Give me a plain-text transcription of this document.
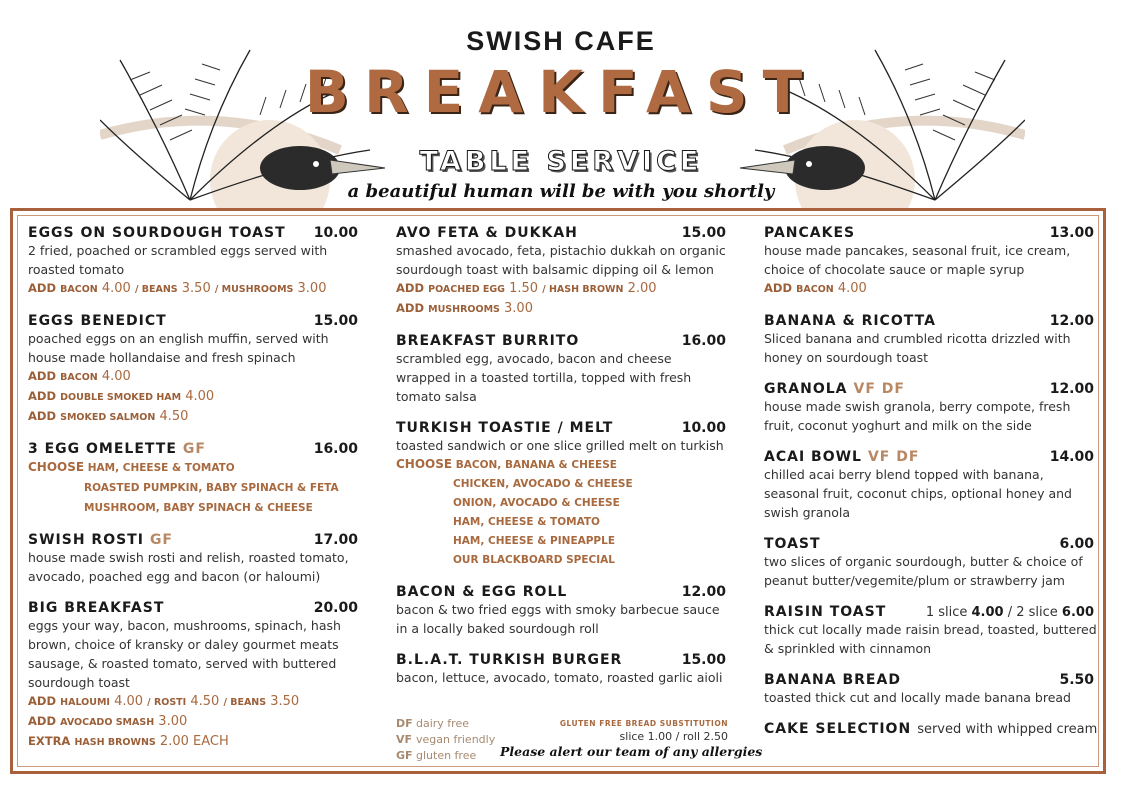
SWISH CAFE
BREAKFAST
TABLE SERVICE
a beautiful human will be with you shortly
EGGS ON SOURDOUGH TOAST 10.00
2 fried, poached or scrambled eggs served with
roasted tomato
ADD BACON 4.00 / BEANS 3.50 / MUSHROOMS 3.00
EGGS BENEDICT	15.00
poached eggs on an english muffin, served with
house made hollandaise and fresh spinach
ADD BACON 4.00
ADD DOUBLE SMOKED HAM 4.00
ADD SMOKED SALMON 4.50
3 EGG OMELETTE GF	16.00
CHOOSE HAM, CHEESE & TOMATO
ROASTED PUMPKIN, BABY SPINACH & FETA
MUSHROOM, BABY SPINACH & CHEESE
SWISH ROSTI GF	17.00
house made swish rosti and relish, roasted tomato,
avocado, poached egg and bacon (or haloumi)
BIG BREAKFAST	20.00
eggs your way, bacon, mushrooms, spinach, hash
brown, choice of kransky or daley gourmet meats
sausage, & roasted tomato, served with buttered
sourdough toast
ADD HALOUMI 4.00 / ROSTI 4.50 / BEANS 3.50
ADD AVOCADO SMASH 3.00
EXTRA HASH BROWNS 2.00 EACH
AVO FETA & DUKKAH	15.00
smashed avocado, feta, pistachio dukkah on organic
sourdough toast with balsamic dipping oil & lemon
ADD POACHED EGG 1.50 / HASH BROWN 2.00
ADD MUSHROOMS 3.00
BREAKFAST BURRITO	16.00
scrambled egg, avocado, bacon and cheese
wrapped in a toasted tortilla, topped with fresh
tomato salsa
TURKISH TOASTIE / MELT	10.00
toasted sandwich or one slice grilled melt on turkish
CHOOSE BACON, BANANA & CHEESE
CHICKEN, AVOCADO & CHEESE
ONION, AVOCADO & CHEESE
HAM, CHEESE & TOMATO
HAM, CHEESE & PINEAPPLE
OUR BLACKBOARD SPECIAL
BACON & EGG ROLL	12.00
bacon & two fried eggs with smoky barbecue sauce
in a locally baked sourdough roll
B.L.A.T. TURKISH BURGER	15.00
bacon, lettuce, avocado, tomato, roasted garlic aioli
DF dairy free
VF vegan friendly
GF gluten free
GLUTEN FREE BREAD SUBSTITUTION
slice 1.00 / roll 2.50
Please alert our team of any allergies
PANCAKES	13.00
house made pancakes, seasonal fruit, ice cream,
choice of chocolate sauce or maple syrup
ADD BACON 4.00
BANANA & RICOTTA	12.00
Sliced banana and crumbled ricotta drizzled with
honey on sourdough toast
GRANOLA VF DF	12.00
house made swish granola, berry compote, fresh
fruit, coconut yoghurt and milk on the side
ACAI BOWL VF DF	14.00
chilled acai berry blend topped with banana,
seasonal fruit, coconut chips, optional honey and
swish granola
TOAST	6.00
two slices of organic sourdough, butter & choice of
peanut butter/vegemite/plum or strawberry jam
RAISIN TOAST	1 slice 4.00 / 2 slice 6.00
thick cut locally made raisin bread, toasted, buttered
& sprinkled with cinnamon
BANANA BREAD	5.50
toasted thick cut and locally made banana bread
CAKE SELECTION served with whipped cream
